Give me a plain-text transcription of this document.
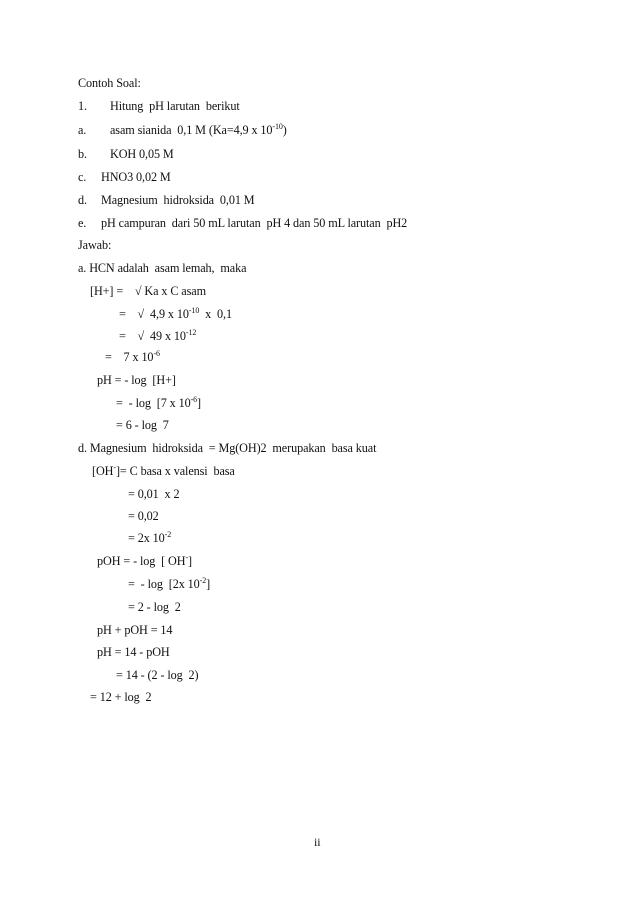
Contoh Soal:
1. Hitung  pH larutan  berikut
a. asam sianida  0,1 M (Ka=4,9 x $10^{-10}$)
b. KOH 0,05 M
c. HNO3 0,02 M
d. Magnesium  hidroksida  0,01 M
e. pH campuran  dari 50 mL larutan  pH 4 dan 50 mL larutan  pH2
Jawab:
a. HCN adalah  asam lemah,  maka
[H+] =    √ Ka x C asam
=    √  4,9 x $10^{-10}$  x  0,1
=    √  49 x $10^{-12}$
=    7 x $10^{-6}$
pH = - log  [H+]
=  - log  [7 x $10^{-6}$]
= 6 - log  7
d. Magnesium  hidroksida  = Mg(OH)2  merupakan  basa kuat
[OH-]= C basa x valensi  basa
= 0,01  x 2
= 0,02
= 2x $10^{-2}$
pOH = - log  [ OH-]
=  - log  [2x $10^{-2}$]
= 2 - log  2
pH + pOH = 14
pH = 14 - pOH
= 14 - (2 - log  2)
= 12 + log  2
ii
